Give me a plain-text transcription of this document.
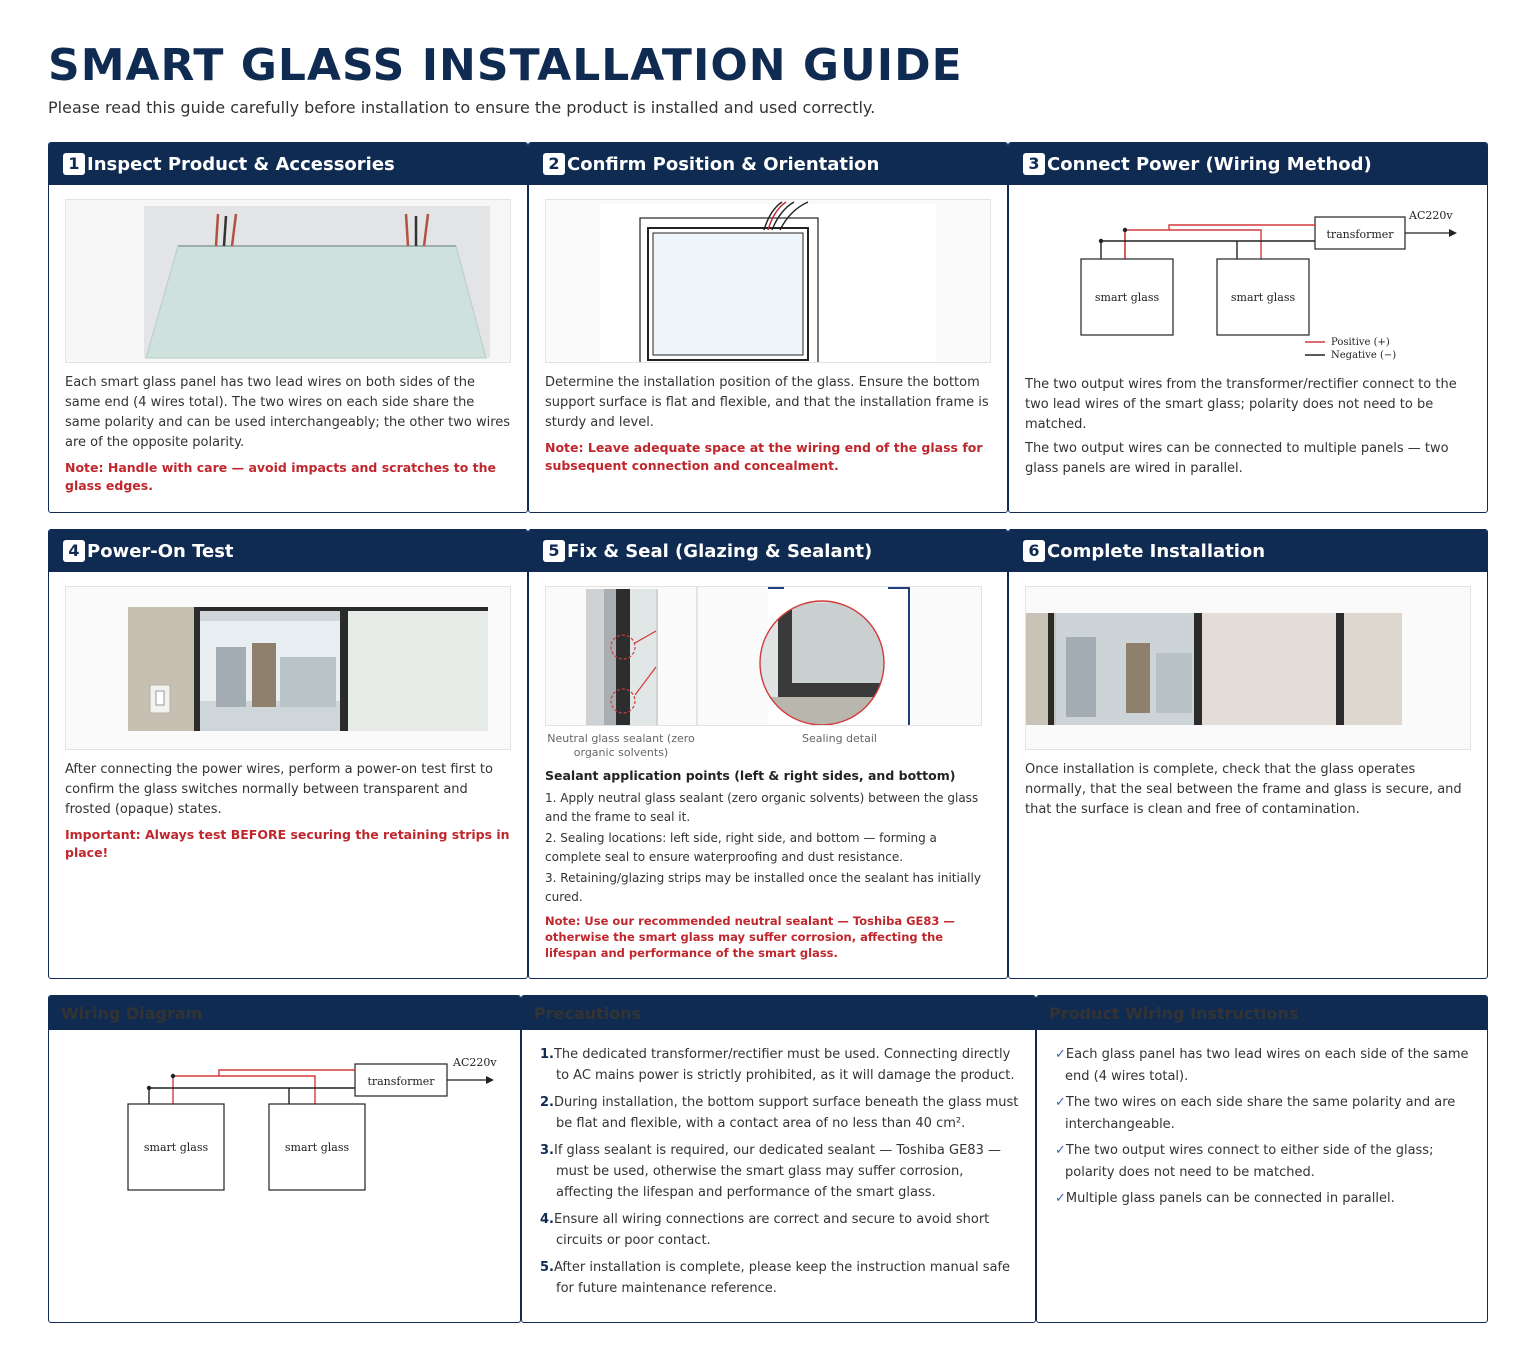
SMART GLASS INSTALLATION GUIDE
Please read this guide carefully before installation to ensure the product is installed and used correctly.
1 Inspect Product & Accessories
Each smart glass panel has two lead wires on both sides of the same end (4 wires total). The two wires on each side share the same polarity and can be used interchangeably; the other two wires are of the opposite polarity.
Note: Handle with care — avoid impacts and scratches to the glass edges.
2 Confirm Position & Orientation
Determine the installation position of the glass. Ensure the bottom support surface is flat and flexible, and that the installation frame is sturdy and level.
Note: Leave adequate space at the wiring end of the glass for subsequent connection and concealment.
3 Connect Power (Wiring Method)
transformer
AC220v
smart glass	smart glass
Positive (+)
Negative (−)
The two output wires from the transformer/rectifier connect to the two lead wires of the smart glass; polarity does not need to be matched.
The two output wires can be connected to multiple panels — two glass panels are wired in parallel.
4 Power-On Test
After connecting the power wires, perform a power-on test first to confirm the glass switches normally between transparent and frosted (opaque) states.
Important: Always test BEFORE securing the retaining strips in place!
5 Fix & Seal (Glazing & Sealant)
Neutral glass sealant (zero organic solvents)
Sealing detail
Sealant application points (left & right sides, and bottom)
1. Apply neutral glass sealant (zero organic solvents) between the glass and the frame to seal it.
2. Sealing locations: left side, right side, and bottom — forming a complete seal to ensure waterproofing and dust resistance.
3. Retaining/glazing strips may be installed once the sealant has initially cured.
Note: Use our recommended neutral sealant — Toshiba GE83 — otherwise the smart glass may suffer corrosion, affecting the lifespan and performance of the smart glass.
6 Complete Installation
Once installation is complete, check that the glass operates normally, that the seal between the frame and glass is secure, and that the surface is clean and free of contamination.
Wiring Diagram
transformer
AC220v
smart glass	smart glass
Precautions
1.The dedicated transformer/rectifier must be used. Connecting directly to AC mains power is strictly prohibited, as it will damage the product.
2.During installation, the bottom support surface beneath the glass must be flat and flexible, with a contact area of no less than 40 cm².
3.If glass sealant is required, our dedicated sealant — Toshiba GE83 — must be used, otherwise the smart glass may suffer corrosion, affecting the lifespan and performance of the smart glass.
4.Ensure all wiring connections are correct and secure to avoid short circuits or poor contact.
5.After installation is complete, please keep the instruction manual safe for future maintenance reference.
Product Wiring Instructions
✓Each glass panel has two lead wires on each side of the same end (4 wires total).
✓The two wires on each side share the same polarity and are interchangeable.
✓The two output wires connect to either side of the glass; polarity does not need to be matched.
✓Multiple glass panels can be connected in parallel.
